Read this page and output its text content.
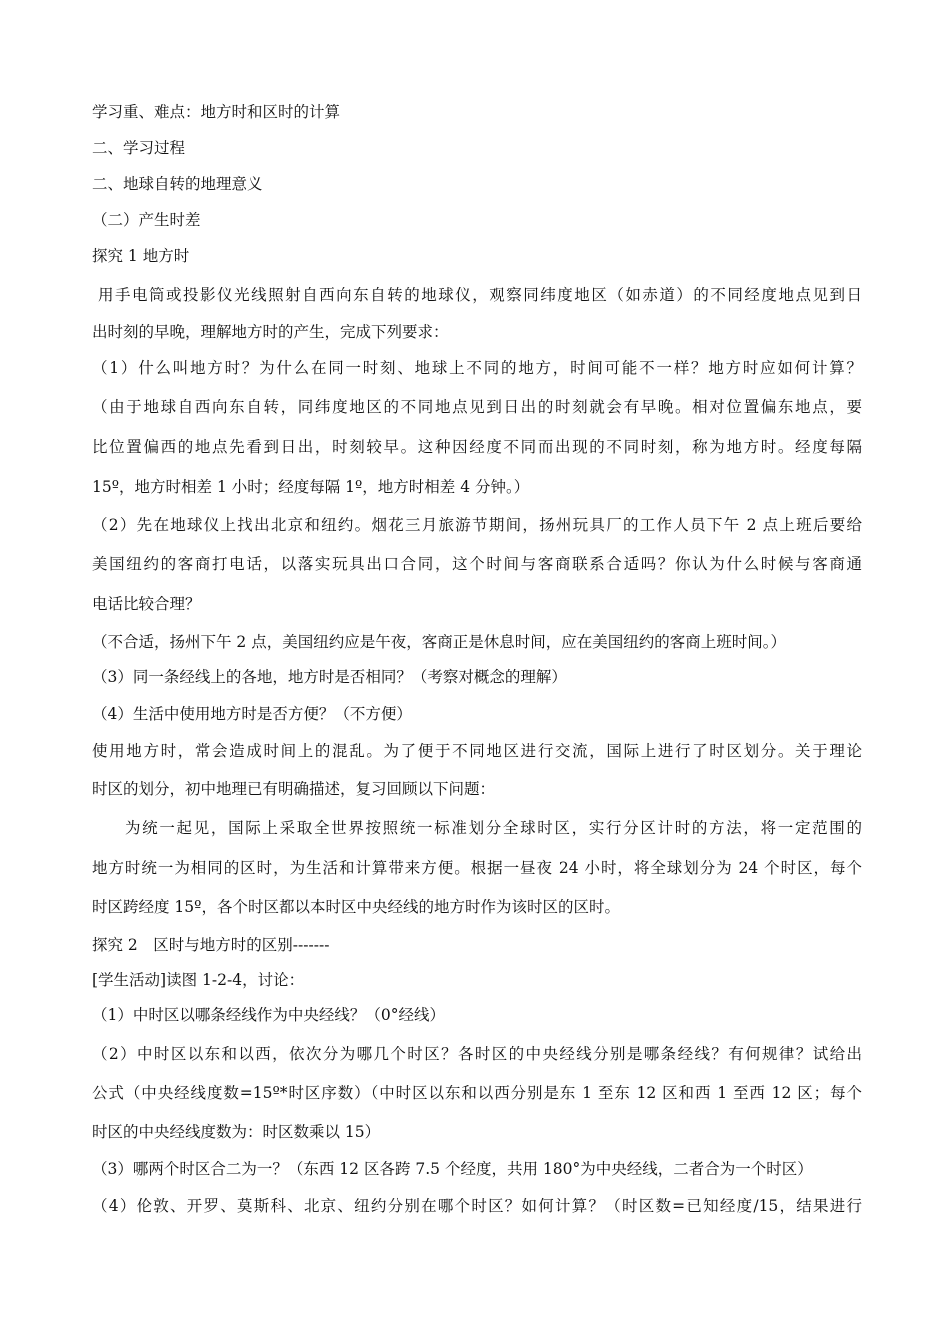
学习重、难点：地方时和区时的计算
二、学习过程
二、地球自转的地理意义
（二）产生时差
探究 1 地方时
用手电筒或投影仪光线照射自西向东自转的地球仪，观察同纬度地区（如赤道）的不同经度地点见到日
出时刻的早晚，理解地方时的产生，完成下列要求：
（1）什么叫地方时？为什么在同一时刻、地球上不同的地方，时间可能不一样？地方时应如何计算？
（由于地球自西向东自转，同纬度地区的不同地点见到日出的时刻就会有早晚。相对位置偏东地点，要
比位置偏西的地点先看到日出，时刻较早。这种因经度不同而出现的不同时刻，称为地方时。经度每隔
15º，地方时相差 1 小时；经度每隔 1º，地方时相差 4 分钟。）
（2）先在地球仪上找出北京和纽约。烟花三月旅游节期间，扬州玩具厂的工作人员下午 2 点上班后要给
美国纽约的客商打电话，以落实玩具出口合同，这个时间与客商联系合适吗？你认为什么时候与客商通
电话比较合理？
（不合适，扬州下午 2 点，美国纽约应是午夜，客商正是休息时间，应在美国纽约的客商上班时间。）
（3）同一条经线上的各地，地方时是否相同？（考察对概念的理解）
（4）生活中使用地方时是否方便？（不方便）
使用地方时，常会造成时间上的混乱。为了便于不同地区进行交流，国际上进行了时区划分。关于理论
时区的划分，初中地理已有明确描述，复习回顾以下问题：
为统一起见，国际上采取全世界按照统一标准划分全球时区，实行分区计时的方法，将一定范围的
地方时统一为相同的区时，为生活和计算带来方便。根据一昼夜 24 小时，将全球划分为 24 个时区，每个
时区跨经度 15º，各个时区都以本时区中央经线的地方时作为该时区的区时。
探究 2　区时与地方时的区别-------
[学生活动]读图 1-2-4，讨论：
（1）中时区以哪条经线作为中央经线？（0°经线）
（2）中时区以东和以西，依次分为哪几个时区？各时区的中央经线分别是哪条经线？有何规律？试给出
公式（中央经线度数=15º*时区序数）（中时区以东和以西分别是东 1 至东 12 区和西 1 至西 12 区；每个
时区的中央经线度数为：时区数乘以 15）
（3）哪两个时区合二为一？（东西 12 区各跨 7.5 个经度，共用 180°为中央经线，二者合为一个时区）
（4）伦敦、开罗、莫斯科、北京、纽约分别在哪个时区？如何计算？（时区数=已知经度/15，结果进行
